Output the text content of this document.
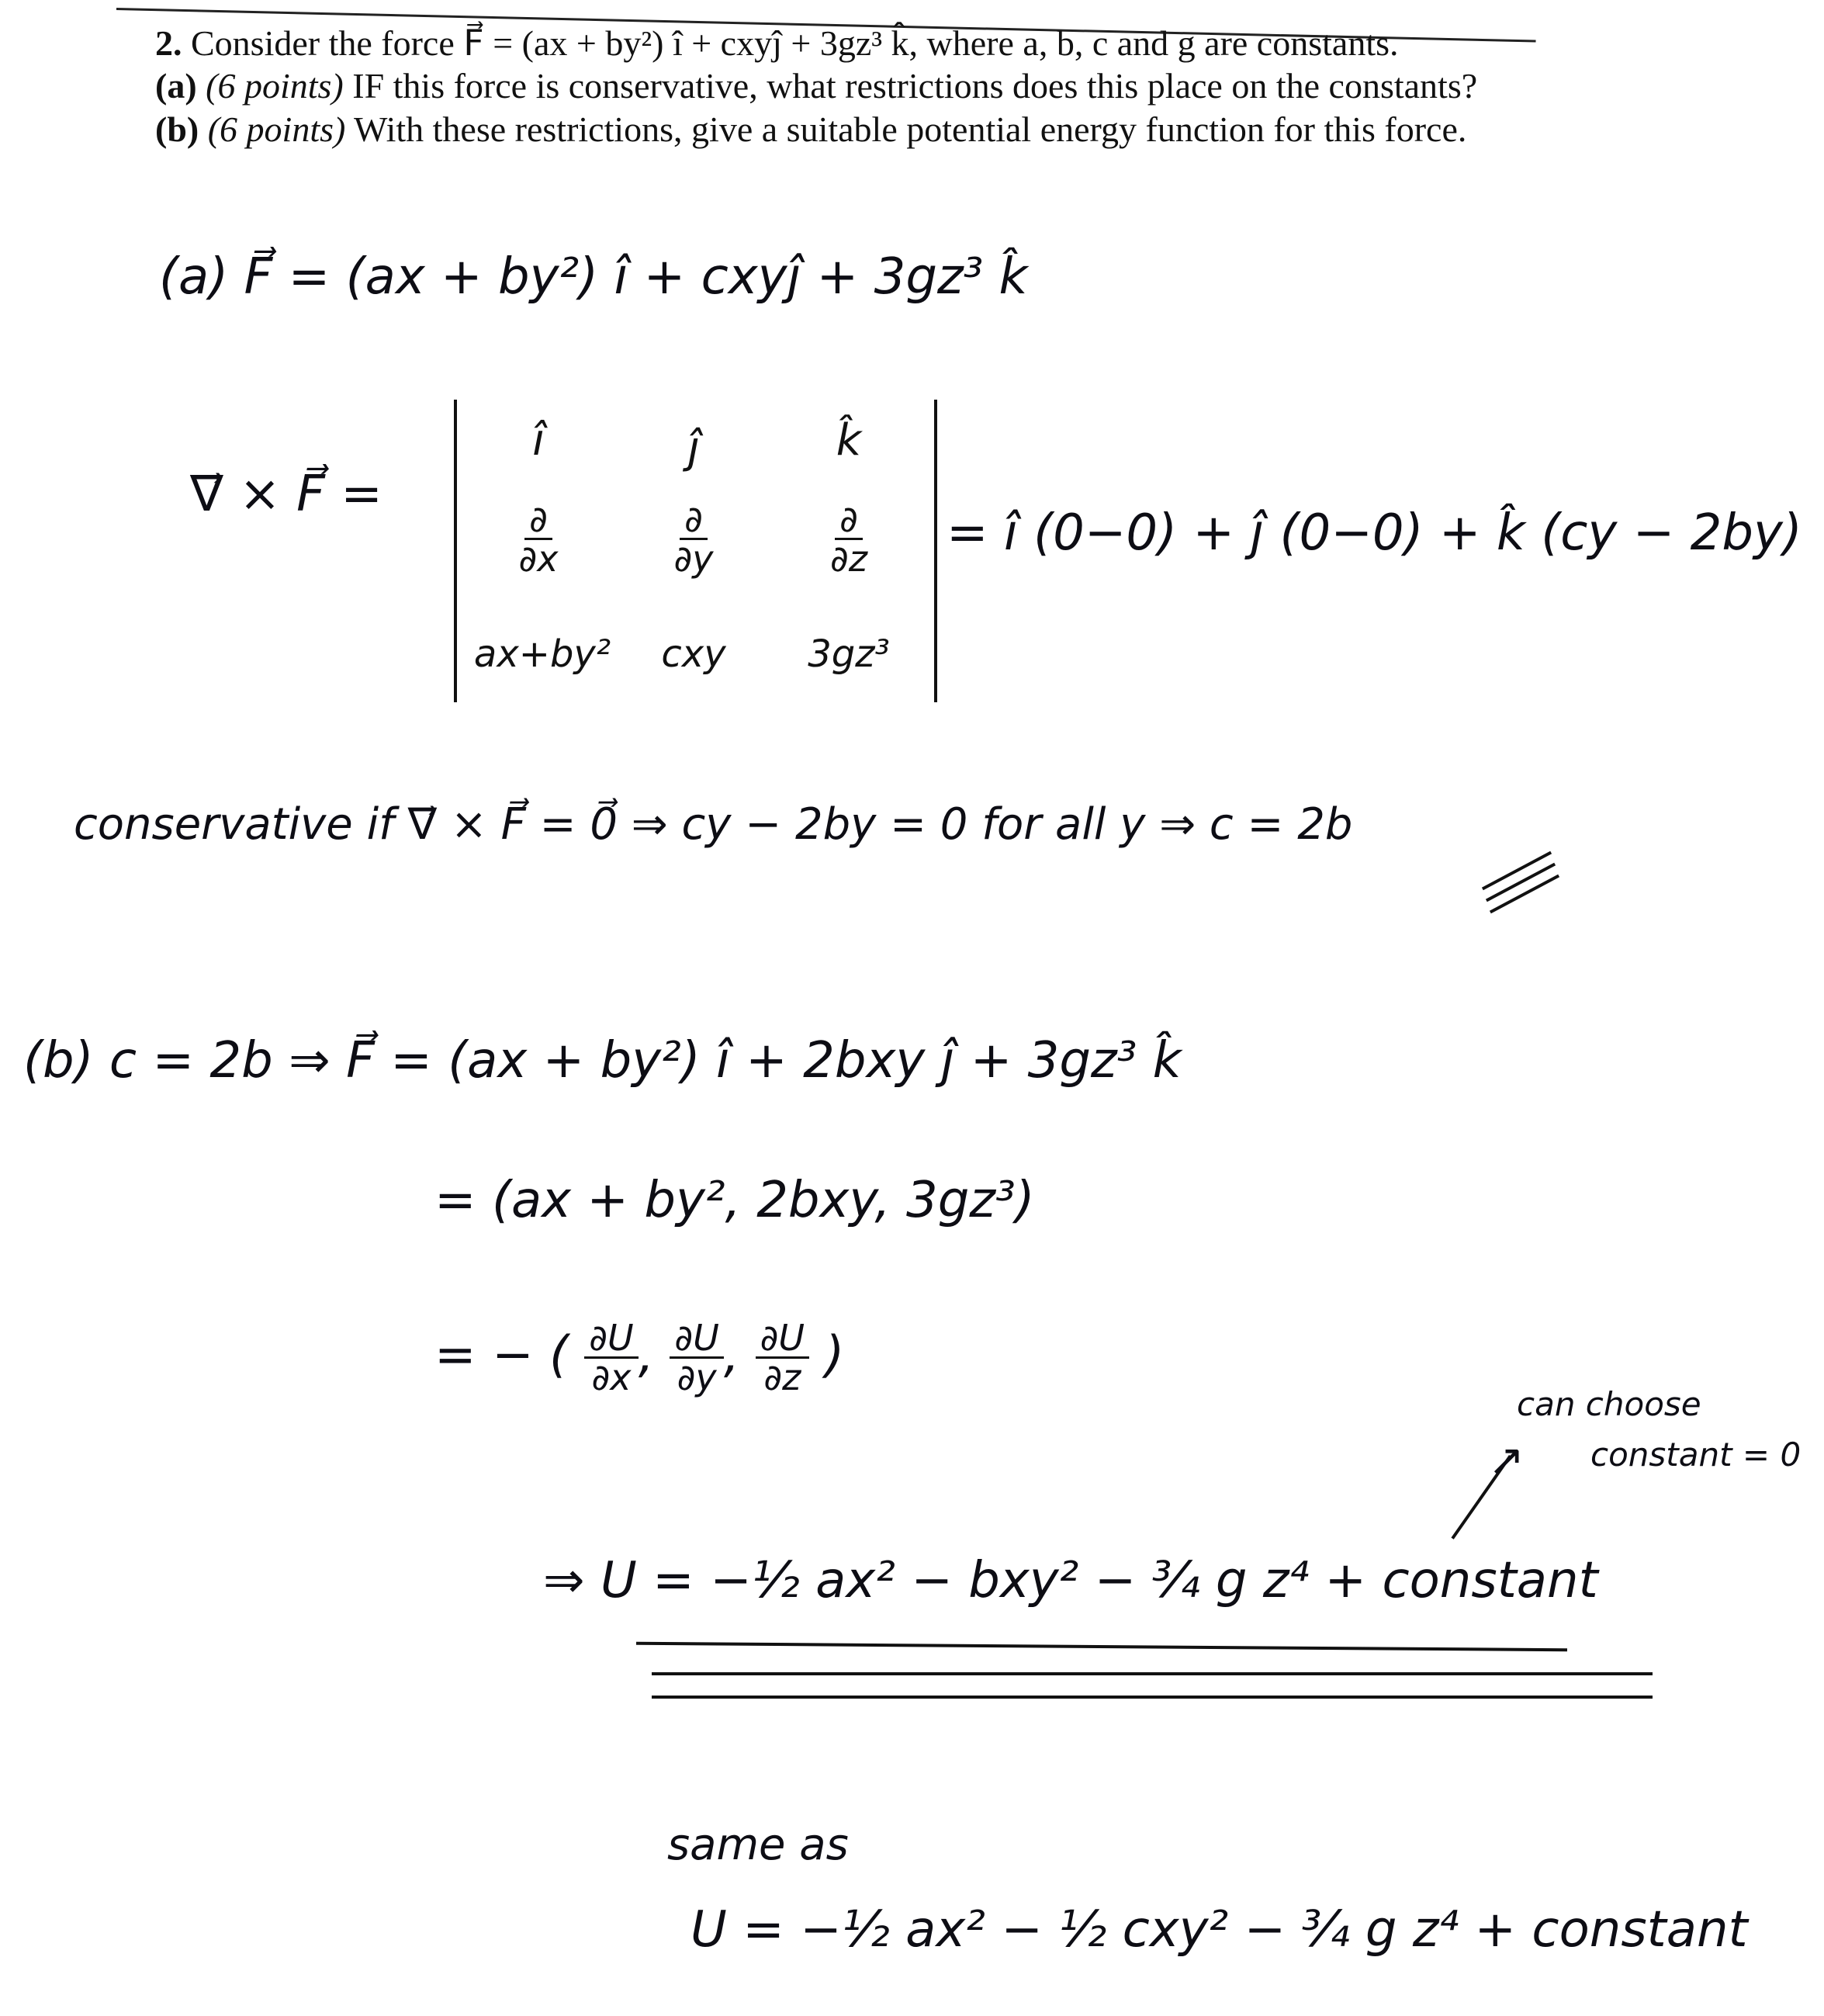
2. Consider the force F⃗ = (ax + by²) î + cxyĵ + 3gz³ k̂, where a, b, c and g are constants.
(a) (6 points) IF this force is conservative, what restrictions does this place on the constants?
(b) (6 points) With these restrictions, give a suitable potential energy function for this force.
(a) F⃗ = (ax + by²) î + cxyĵ + 3gz³ k̂
∇⃗ × F⃗ =
î	ĵ	k̂
$\frac{\partial}{\partial x}$	$\frac{\partial}{\partial y}$	$\frac{\partial}{\partial z}$
ax+by²	cxy	3gz³
= î (0−0) + ĵ (0−0) + k̂ (cy − 2by)
conservative if ∇⃗ × F⃗ = 0⃗ ⇒ cy − 2by = 0 for all y ⇒ c = 2b
(b) c = 2b ⇒ F⃗ = (ax + by²) î + 2bxy ĵ + 3gz³ k̂
= (ax + by², 2bxy, 3gz³)
= − ( $\frac{\partial U}{\partial x}$ , $\frac{\partial U}{\partial y}$ , $\frac{\partial U}{\partial z}$ )
can choose
constant = 0
↗
⇒ U = −½ ax² − bxy² − ¾ g z⁴ + constant
same as
U = −½ ax² − ½ cxy² − ¾ g z⁴ + constant
